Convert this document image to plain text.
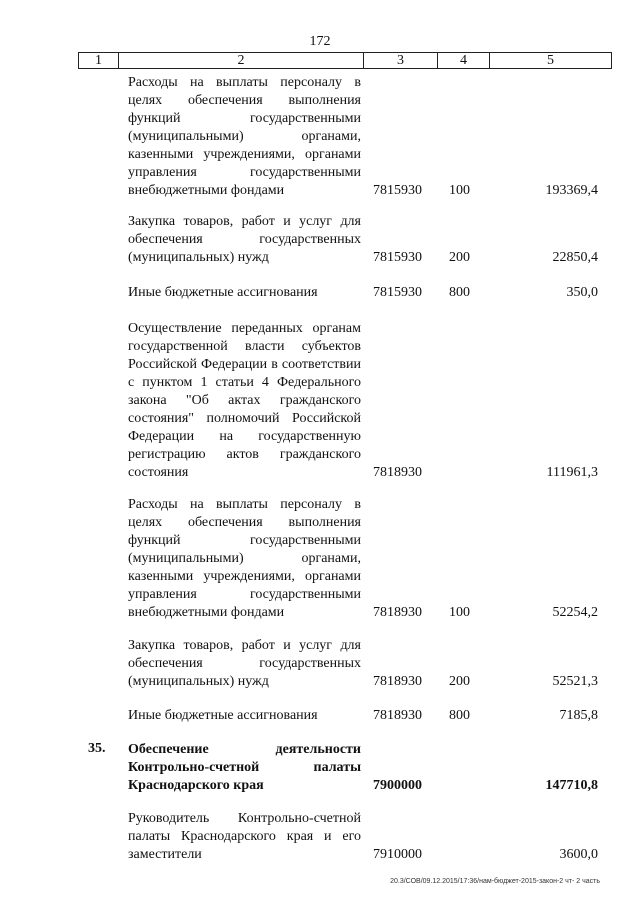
172
1	2	3	4	5
Расходы на выплаты персоналу в целях обеспечения выполнения функций государственными (муниципальными) органами, казенными учреждениями, органами управления государственными внебюджетными фондами	7815930 100	193369,4
Закупка товаров, работ и услуг для обеспечения государственных (муниципальных) нужд	7815930 200	22850,4
Иные бюджетные ассигнования	7815930 800	350,0
Осуществление переданных органам государственной власти субъектов Российской Федерации в соответствии с пунктом 1 статьи 4 Федерального закона "Об актах гражданского состояния" полномочий Российской Федерации на государственную регистрацию актов гражданского состояния	7818930	111961,3
Расходы на выплаты персоналу в целях обеспечения выполнения функций государственными (муниципальными) органами, казенными учреждениями, органами управления государственными внебюджетными фондами	7818930 100	52254,2
Закупка товаров, работ и услуг для обеспечения государственных (муниципальных) нужд	7818930 200	52521,3
Иные бюджетные ассигнования	7818930 800	7185,8
35. Обеспечение деятельности Контрольно-счетной палаты Краснодарского края	7900000	147710,8
Руководитель Контрольно-счетной палаты Краснодарского края и его заместители	7910000	3600,0
20.3/СОВ/09.12.2015/17:36/нам-бюджет-2015-закон-2 чт- 2 часть
